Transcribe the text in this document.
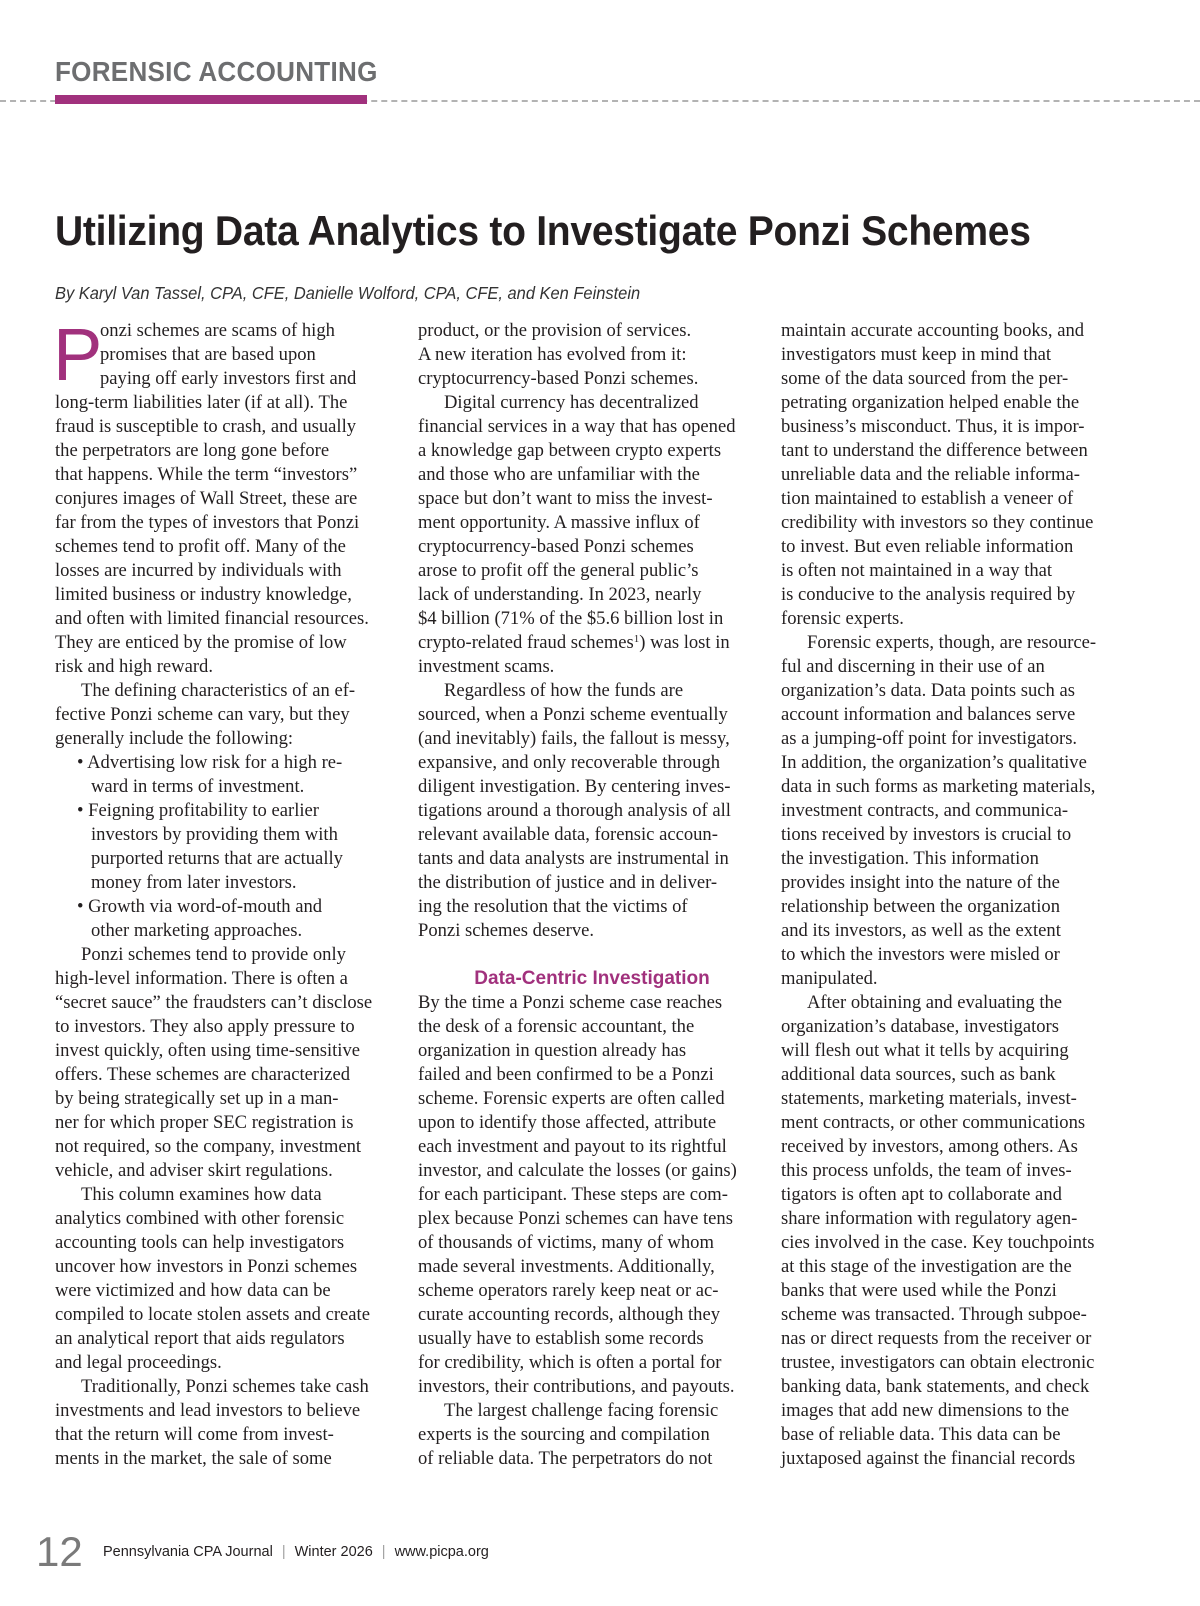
FORENSIC ACCOUNTING
Utilizing Data Analytics to Investigate Ponzi Schemes
By Karyl Van Tassel, CPA, CFE, Danielle Wolford, CPA, CFE, and Ken Feinstein
P
onzi schemes are scams of high
promises that are based upon
paying off early investors first and
long-term liabilities later (if at all). The
fraud is susceptible to crash, and usually
the perpetrators are long gone before
that happens. While the term “investors”
conjures images of Wall Street, these are
far from the types of investors that Ponzi
schemes tend to profit off. Many of the
losses are incurred by individuals with
limited business or industry knowledge,
and often with limited financial resources.
They are enticed by the promise of low
risk and high reward.
The defining characteristics of an ef-
fective Ponzi scheme can vary, but they
generally include the following:
• Advertising low risk for a high re-
ward in terms of investment.
• Feigning profitability to earlier
investors by providing them with
purported returns that are actually
money from later investors.
• Growth via word-of-mouth and
other marketing approaches.
Ponzi schemes tend to provide only
high-level information. There is often a
“secret sauce” the fraudsters can’t disclose
to investors. They also apply pressure to
invest quickly, often using time-sensitive
offers. These schemes are characterized
by being strategically set up in a man-
ner for which proper SEC registration is
not required, so the company, investment
vehicle, and adviser skirt regulations.
This column examines how data
analytics combined with other forensic
accounting tools can help investigators
uncover how investors in Ponzi schemes
were victimized and how data can be
compiled to locate stolen assets and create
an analytical report that aids regulators
and legal proceedings.
Traditionally, Ponzi schemes take cash
investments and lead investors to believe
that the return will come from invest-
ments in the market, the sale of some
product, or the provision of services.
A new iteration has evolved from it:
cryptocurrency-based Ponzi schemes.
Digital currency has decentralized
financial services in a way that has opened
a knowledge gap between crypto experts
and those who are unfamiliar with the
space but don’t want to miss the invest-
ment opportunity. A massive influx of
cryptocurrency-based Ponzi schemes
arose to profit off the general public’s
lack of understanding. In 2023, nearly
$4 billion (71% of the $5.6 billion lost in
crypto-related fraud schemes$^1$) was lost in
investment scams.
Regardless of how the funds are
sourced, when a Ponzi scheme eventually
(and inevitably) fails, the fallout is messy,
expansive, and only recoverable through
diligent investigation. By centering inves-
tigations around a thorough analysis of all
relevant available data, forensic accoun-
tants and data analysts are instrumental in
the distribution of justice and in deliver-
ing the resolution that the victims of
Ponzi schemes deserve.
Data-Centric Investigation
By the time a Ponzi scheme case reaches
the desk of a forensic accountant, the
organization in question already has
failed and been confirmed to be a Ponzi
scheme. Forensic experts are often called
upon to identify those affected, attribute
each investment and payout to its rightful
investor, and calculate the losses (or gains)
for each participant. These steps are com-
plex because Ponzi schemes can have tens
of thousands of victims, many of whom
made several investments. Additionally,
scheme operators rarely keep neat or ac-
curate accounting records, although they
usually have to establish some records
for credibility, which is often a portal for
investors, their contributions, and payouts.
The largest challenge facing forensic
experts is the sourcing and compilation
of reliable data. The perpetrators do not
maintain accurate accounting books, and
investigators must keep in mind that
some of the data sourced from the per-
petrating organization helped enable the
business’s misconduct. Thus, it is impor-
tant to understand the difference between
unreliable data and the reliable informa-
tion maintained to establish a veneer of
credibility with investors so they continue
to invest. But even reliable information
is often not maintained in a way that
is conducive to the analysis required by
forensic experts.
Forensic experts, though, are resource-
ful and discerning in their use of an
organization’s data. Data points such as
account information and balances serve
as a jumping-off point for investigators.
In addition, the organization’s qualitative
data in such forms as marketing materials,
investment contracts, and communica-
tions received by investors is crucial to
the investigation. This information
provides insight into the nature of the
relationship between the organization
and its investors, as well as the extent
to which the investors were misled or
manipulated.
After obtaining and evaluating the
organization’s database, investigators
will flesh out what it tells by acquiring
additional data sources, such as bank
statements, marketing materials, invest-
ment contracts, or other communications
received by investors, among others. As
this process unfolds, the team of inves-
tigators is often apt to collaborate and
share information with regulatory agen-
cies involved in the case. Key touchpoints
at this stage of the investigation are the
banks that were used while the Ponzi
scheme was transacted. Through subpoe-
nas or direct requests from the receiver or
trustee, investigators can obtain electronic
banking data, bank statements, and check
images that add new dimensions to the
base of reliable data. This data can be
juxtaposed against the financial records
12 Pennsylvania CPA Journal | Winter 2026 | www.picpa.org
